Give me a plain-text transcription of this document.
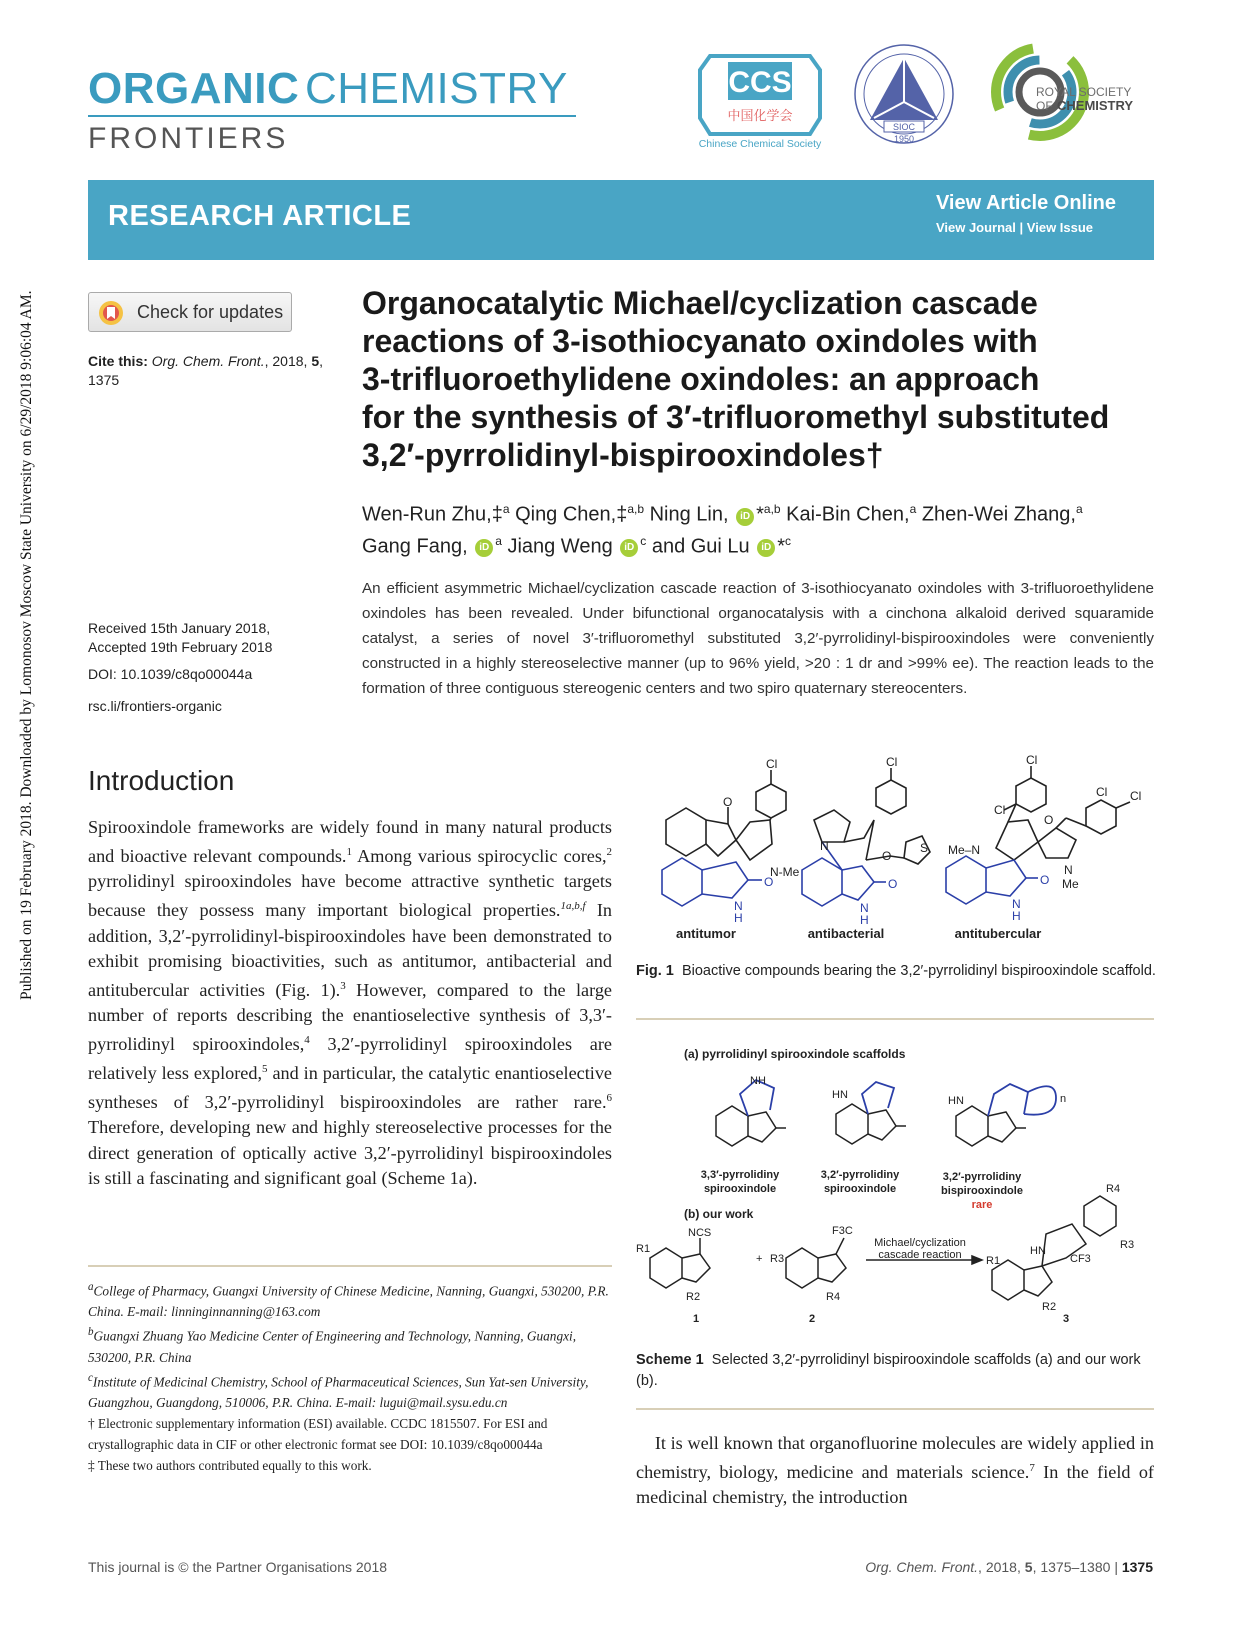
Published on 19 February 2018. Downloaded by Lomonosov Moscow State University on 6/29/2018 9:06:04 AM.
ORGANIC CHEMISTRY
FRONTIERS
CCS
中国化学会
Chinese Chemical Society
SIOC
1950
ROYAL SOCIETY
OF CHEMISTRY
RESEARCH ARTICLE	View Article Online
View Journal | View Issue
Check for updates
Cite this: Org. Chem. Front., 2018, 5,
1375
Received 15th January 2018,
Accepted 19th February 2018
DOI: 10.1039/c8qo00044a
rsc.li/frontiers-organic
Organocatalytic Michael/cyclization cascade
reactions of 3-isothiocyanato oxindoles with
3-trifluoroethylidene oxindoles: an approach
for the synthesis of 3′-trifluoromethyl substituted
3,2′-pyrrolidinyl-bispirooxindoles†
Wen-Run Zhu,‡$^a$ Qing Chen,‡$^{a,b}$ Ning Lin, iD *$^{a,b}$ Kai-Bin Chen,$^a$ Zhen-Wei Zhang,$^a$
Gang Fang, $iD^a$ Jiang Weng $iD^c$ and Gui Lu iD *$^c$
An efficient asymmetric Michael/cyclization cascade reaction of 3-isothiocyanato oxindoles with 3-trifluoroethylidene oxindoles has been revealed. Under bifunctional organocatalysis with a cinchona alkaloid derived squaramide catalyst, a series of novel 3′-trifluoromethyl substituted 3,2′-pyrrolidinyl-bispirooxindoles were conveniently constructed in a highly stereoselective manner (up to 96% yield, >20 : 1 dr and >99% ee). The reaction leads to the formation of three contiguous stereogenic centers and two spiro quaternary stereocenters.
Introduction
Spirooxindole frameworks are widely found in many natural products and bioactive relevant compounds.$^1$ Among various spirocyclic cores,$^2$ pyrrolidinyl spirooxindoles have become attractive synthetic targets because they possess many important biological properties.$^{1a,b,f}$ In addition, 3,2′-pyrrolidinyl-bispirooxindoles have been demonstrated to exhibit promising bioactivities, such as antitumor, antibacterial and antitubercular activities (Fig. 1).$^3$ However, compared to the large number of reports describing the enantioselective synthesis of 3,3′-pyrrolidinyl spirooxindoles,$^4$ 3,2′-pyrrolidinyl spirooxindoles are relatively less explored,$^5$ and in particular, the catalytic enantioselective syntheses of 3,2′-pyrrolidinyl bispirooxindoles are rather rare.$^6$ Therefore, developing new and highly stereoselective processes for the direct generation of optically active 3,2′-pyrrolidinyl bispirooxindoles is still a fascinating and significant goal (Scheme 1a).

$^a$College of Pharmacy, Guangxi University of Chinese Medicine, Nanning, Guangxi, 530200, P.R. China. E-mail: linninginnanning@163.com

$^b$Guangxi Zhuang Yao Medicine Center of Engineering and Technology, Nanning, Guangxi, 530200, P.R. China

$^c$Institute of Medicinal Chemistry, School of Pharmaceutical Sciences, Sun Yat-sen University, Guangzhou, Guangdong, 510006, P.R. China. E-mail: lugui@mail.sysu.edu.cn

† Electronic supplementary information (ESI) available. CCDC 1815507. For ESI and crystallographic data in CIF or other electronic format see DOI: 10.1039/c8qo00044a

‡ These two authors contributed equally to this work.

Cl	Cl	Cl
Cl
Cl Cl
O
N-Me
S
O
N	Me–N
O
N
Me
O
N
H
O
N
H
O
N
H
antitumor	antibacterial	antitubercular
Fig. 1 Bioactive compounds bearing the 3,2′-pyrrolidinyl bispirooxindole scaffold.
(a) pyrrolidinyl spirooxindole scaffolds
(b) our work
NH
HN	HN	n
NCS
R1
R2
+ R3
F3C
R4
R1
HN
CF3
R4
R3
R2
Michael/cyclization
cascade reaction
3,3′-pyrrolidiny
spirooxindole
3,2′-pyrrolidiny
spirooxindole
3,2′-pyrrolidiny
bispirooxindole
rare
1	2	3
Scheme 1 Selected 3,2′-pyrrolidinyl bispirooxindole scaffolds (a) and our work (b).
It is well known that organofluorine molecules are widely applied in chemistry, biology, medicine and materials science.$^7$ In the field of medicinal chemistry, the introduction
This journal is © the Partner Organisations 2018	Org. Chem. Front., 2018, 5, 1375–1380 | 1375
